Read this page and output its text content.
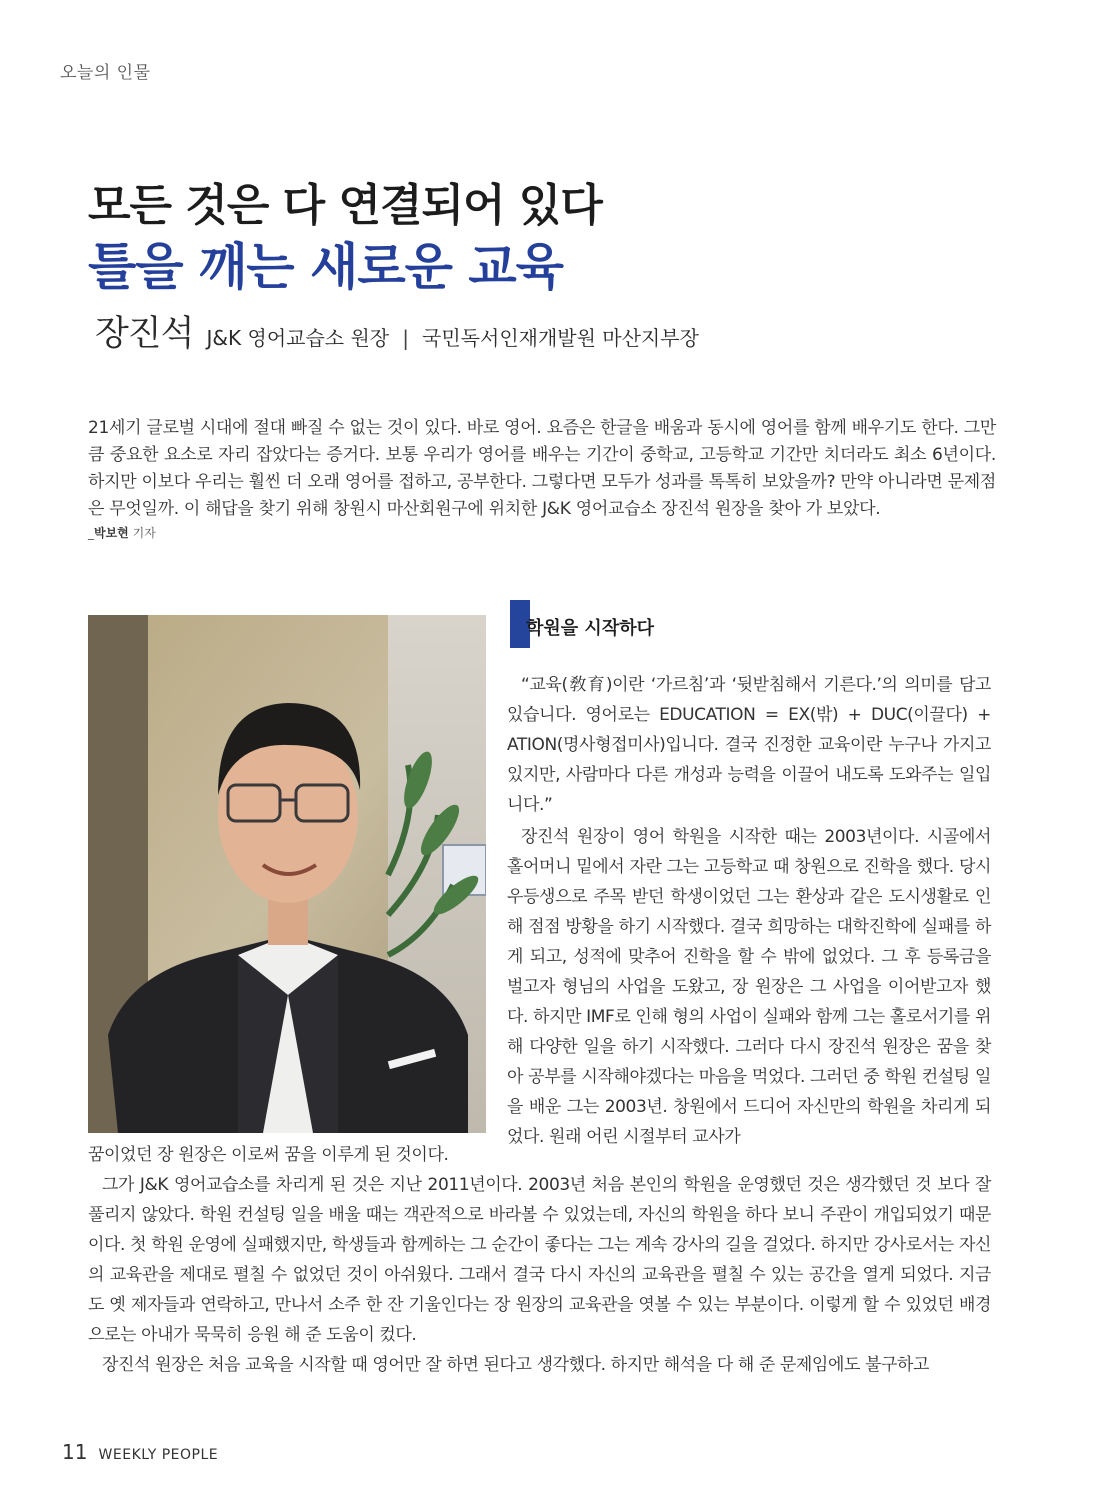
오늘의 인물
모든 것은 다 연결되어 있다
틀을 깨는 새로운 교육
장진석 J&K 영어교습소 원장 | 국민독서인재개발원 마산지부장
21세기 글로벌 시대에 절대 빠질 수 없는 것이 있다. 바로 영어. 요즘은 한글을 배움과 동시에 영어를 함께 배우기도 한다. 그만큼 중요한 요소로 자리 잡았다는 증거다. 보통 우리가 영어를 배우는 기간이 중학교, 고등학교 기간만 치더라도 최소 6년이다. 하지만 이보다 우리는 훨씬 더 오래 영어를 접하고, 공부한다. 그렇다면 모두가 성과를 톡톡히 보았을까? 만약 아니라면 문제점은 무엇일까. 이 해답을 찾기 위해 창원시 마산회원구에 위치한 J&K 영어교습소 장진석 원장을 찾아 가 보았다.
_박보현 기자
학원을 시작하다

“교육(敎育)이란 ‘가르침’과 ‘뒷받침해서 기른다.’의 의미를 담고 있습니다. 영어로는 EDUCATION = EX(밖) + DUC(이끌다) + ATION(명사형접미사)입니다. 결국 진정한 교육이란 누구나 가지고 있지만, 사람마다 다른 개성과 능력을 이끌어 내도록 도와주는 일입니다.”

장진석 원장이 영어 학원을 시작한 때는 2003년이다. 시골에서 홀어머니 밑에서 자란 그는 고등학교 때 창원으로 진학을 했다. 당시 우등생으로 주목 받던 학생이었던 그는 환상과 같은 도시생활로 인해 점점 방황을 하기 시작했다. 결국 희망하는 대학진학에 실패를 하게 되고, 성적에 맞추어 진학을 할 수 밖에 없었다. 그 후 등록금을 벌고자 형님의 사업을 도왔고, 장 원장은 그 사업을 이어받고자 했다. 하지만 IMF로 인해 형의 사업이 실패와 함께 그는 홀로서기를 위해 다양한 일을 하기 시작했다. 그러다 다시 장진석 원장은 꿈을 찾아 공부를 시작해야겠다는 마음을 먹었다. 그러던 중 학원 컨설팅 일을 배운 그는 2003년. 창원에서 드디어 자신만의 학원을 차리게 되었다. 원래 어린 시절부터 교사가

꿈이었던 장 원장은 이로써 꿈을 이루게 된 것이다.

그가 J&K 영어교습소를 차리게 된 것은 지난 2011년이다. 2003년 처음 본인의 학원을 운영했던 것은 생각했던 것 보다 잘 풀리지 않았다. 학원 컨설팅 일을 배울 때는 객관적으로 바라볼 수 있었는데, 자신의 학원을 하다 보니 주관이 개입되었기 때문이다. 첫 학원 운영에 실패했지만, 학생들과 함께하는 그 순간이 좋다는 그는 계속 강사의 길을 걸었다. 하지만 강사로서는 자신의 교육관을 제대로 펼칠 수 없었던 것이 아쉬웠다. 그래서 결국 다시 자신의 교육관을 펼칠 수 있는 공간을 열게 되었다. 지금도 옛 제자들과 연락하고, 만나서 소주 한 잔 기울인다는 장 원장의 교육관을 엿볼 수 있는 부분이다. 이렇게 할 수 있었던 배경으로는 아내가 묵묵히 응원 해 준 도움이 컸다.

장진석 원장은 처음 교육을 시작할 때 영어만 잘 하면 된다고 생각했다. 하지만 해석을 다 해 준 문제임에도 불구하고

11 WEEKLY PEOPLE
